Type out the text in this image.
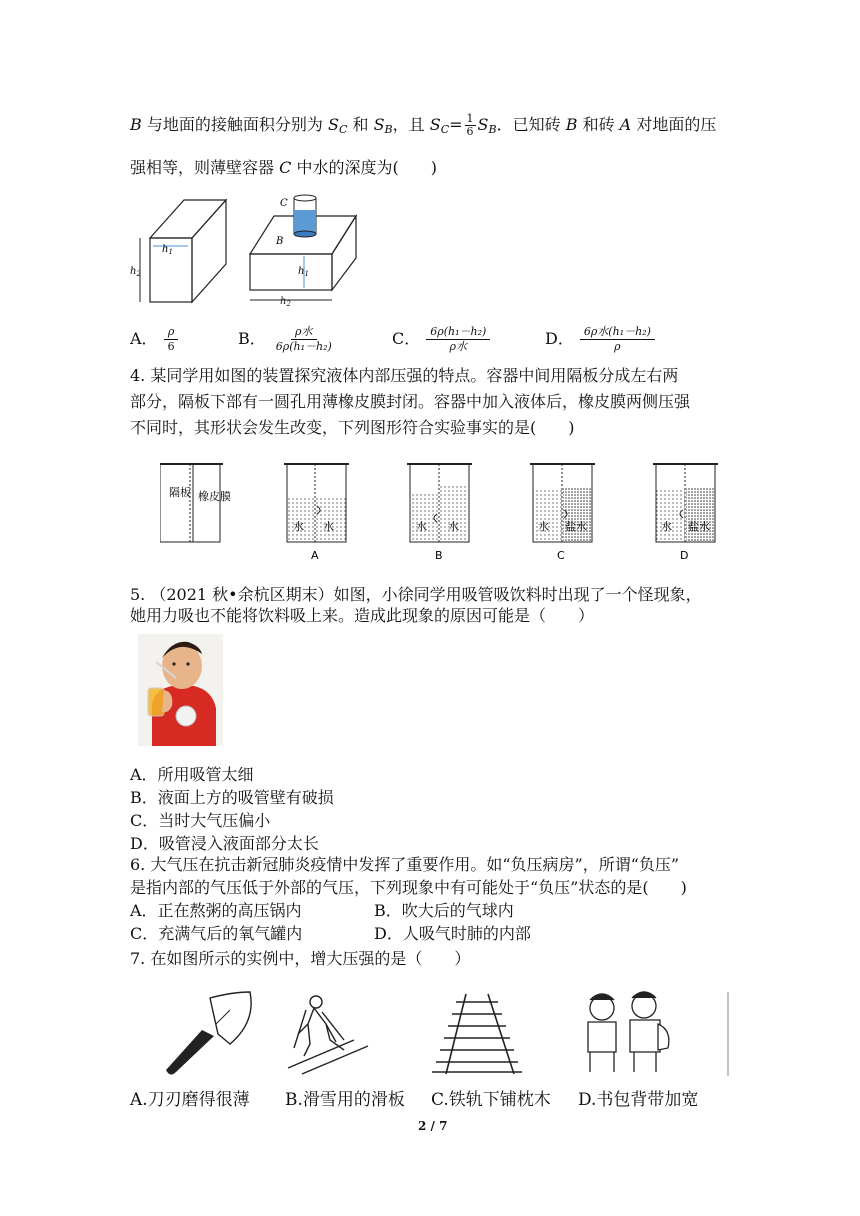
B 与地面的接触面积分别为 $S_C$ 和 $S_B$，且 $S_C= \frac{1}{6} S_B$．已知砖 B 和砖 A 对地面的压
强相等，则薄壁容器 C 中水的深度为(　　)
$h_1$
$h_2$	$h_1$
$h_2$
B
C
A． $\frac{\rho}{6}$	B． $\frac{\text{ρ水}}{\text{6ρ(h₁－h₂)}}$	C． $\frac{\text{6ρ(h₁－h₂)}}{\text{ρ水}}$	D． $\frac{\text{6ρ水(h₁－h₂)}}{\rho}$
4. 某同学用如图的装置探究液体内部压强的特点。容器中间用隔板分成左右两
部分，隔板下部有一圆孔用薄橡皮膜封闭。容器中加入液体后，橡皮膜两侧压强
不同时，其形状会发生改变，下列图形符合实验事实的是(　　)
隔板 橡皮膜
水 水
A
水 水
B
水 盐水
C
水 盐水
D
5. （2021 秋•余杭区期末）如图，小徐同学用吸管吸饮料时出现了一个怪现象，
她用力吸也不能将饮料吸上来。造成此现象的原因可能是（　　）
A．所用吸管太细
B．液面上方的吸管壁有破损
C．当时大气压偏小
D．吸管浸入液面部分太长
6. 大气压在抗击新冠肺炎疫情中发挥了重要作用。如“负压病房”，所谓“负压”
是指内部的气压低于外部的气压，下列现象中有可能处于“负压”状态的是(　　)
A．正在熬粥的高压锅内	B．吹大后的气球内
C．充满气后的氧气罐内	D．人吸气时肺的内部
7. 在如图所示的实例中，增大压强的是（　　）
A.刀刃磨得很薄 B.滑雪用的滑板 C.铁轨下铺枕木 D.书包背带加宽
2 / 7
